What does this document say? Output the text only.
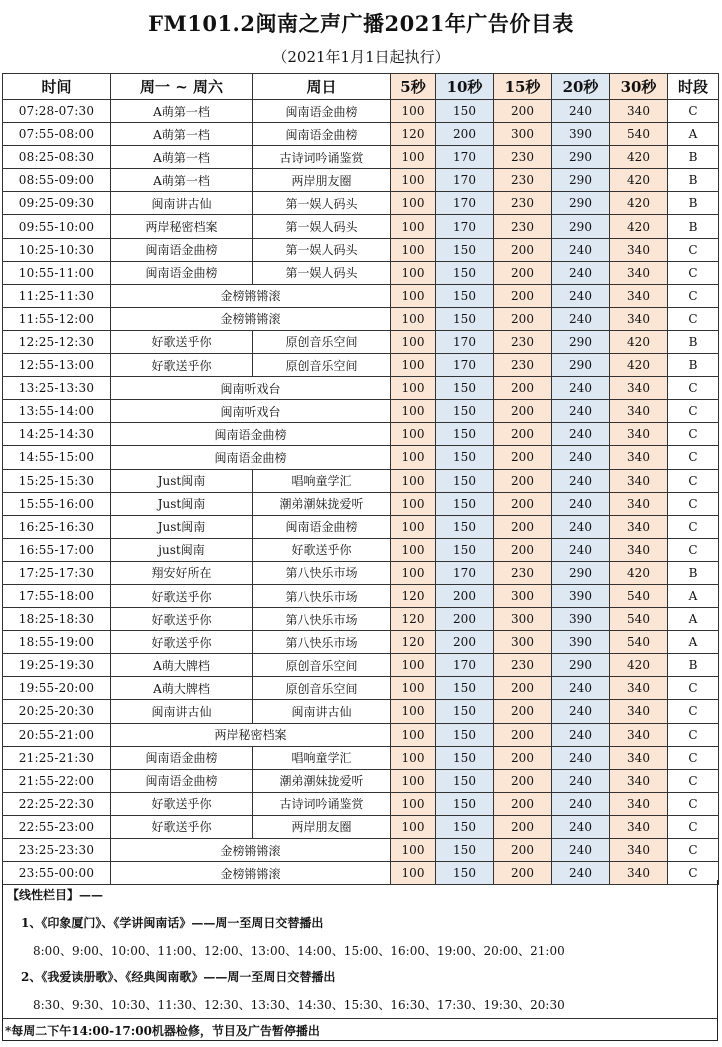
FM101.2闽南之声广播2021年广告价目表
（2021年1月1日起执行）
时间	周一 ~ 周六	周日	5秒	10秒	15秒	20秒	30秒	时段
07:28-07:30	A萌第一档	闽南语金曲榜	100	150	200	240	340	C
07:55-08:00	A萌第一档	闽南语金曲榜	120	200	300	390	540	A
08:25-08:30	A萌第一档	古诗词吟诵鉴赏	100	170	230	290	420	B
08:55-09:00	A萌第一档	两岸朋友圈	100	170	230	290	420	B
09:25-09:30	闽南讲古仙	第一娱人码头	100	170	230	290	420	B
09:55-10:00	两岸秘密档案	第一娱人码头	100	170	230	290	420	B
10:25-10:30	闽南语金曲榜	第一娱人码头	100	150	200	240	340	C
10:55-11:00	闽南语金曲榜	第一娱人码头	100	150	200	240	340	C
11:25-11:30	金榜锵锵滚		100	150	200	240	340	C
11:55-12:00	金榜锵锵滚		100	150	200	240	340	C
12:25-12:30	好歌送乎你	原创音乐空间	100	170	230	290	420	B
12:55-13:00	好歌送乎你	原创音乐空间	100	170	230	290	420	B
13:25-13:30	闽南听戏台		100	150	200	240	340	C
13:55-14:00	闽南听戏台		100	150	200	240	340	C
14:25-14:30	闽南语金曲榜		100	150	200	240	340	C
14:55-15:00	闽南语金曲榜		100	150	200	240	340	C
15:25-15:30	Just闽南	唱响童学汇	100	150	200	240	340	C
15:55-16:00	Just闽南	潮弟潮妹拢爱听	100	150	200	240	340	C
16:25-16:30	Just闽南	闽南语金曲榜	100	150	200	240	340	C
16:55-17:00	just闽南	好歌送乎你	100	150	200	240	340	C
17:25-17:30	翔安好所在	第八快乐市场	100	170	230	290	420	B
17:55-18:00	好歌送乎你	第八快乐市场	120	200	300	390	540	A
18:25-18:30	好歌送乎你	第八快乐市场	120	200	300	390	540	A
18:55-19:00	好歌送乎你	第八快乐市场	120	200	300	390	540	A
19:25-19:30	A萌大牌档	原创音乐空间	100	170	230	290	420	B
19:55-20:00	A萌大牌档	原创音乐空间	100	150	200	240	340	C
20:25-20:30	闽南讲古仙	闽南讲古仙	100	150	200	240	340	C
20:55-21:00	两岸秘密档案		100	150	200	240	340	C
21:25-21:30	闽南语金曲榜	唱响童学汇	100	150	200	240	340	C
21:55-22:00	闽南语金曲榜	潮弟潮妹拢爱听	100	150	200	240	340	C
22:25-22:30	好歌送乎你	古诗词吟诵鉴赏	100	150	200	240	340	C
22:55-23:00	好歌送乎你	两岸朋友圈	100	150	200	240	340	C
23:25-23:30	金榜锵锵滚		100	150	200	240	340	C
23:55-00:00	金榜锵锵滚		100	150	200	240	340	C
【线性栏目】——
1、《印象厦门》、《学讲闽南话》——周一至周日交替播出
8:00、9:00、10:00、11:00、12:00、13:00、14:00、15:00、16:00、19:00、20:00、21:00
2、《我爱读册歌》、《经典闽南歌》——周一至周日交替播出
8:30、9:30、10:30、11:30、12:30、13:30、14:30、15:30、16:30、17:30、19:30、20:30
*每周二下午14:00-17:00机器检修，节目及广告暂停播出
